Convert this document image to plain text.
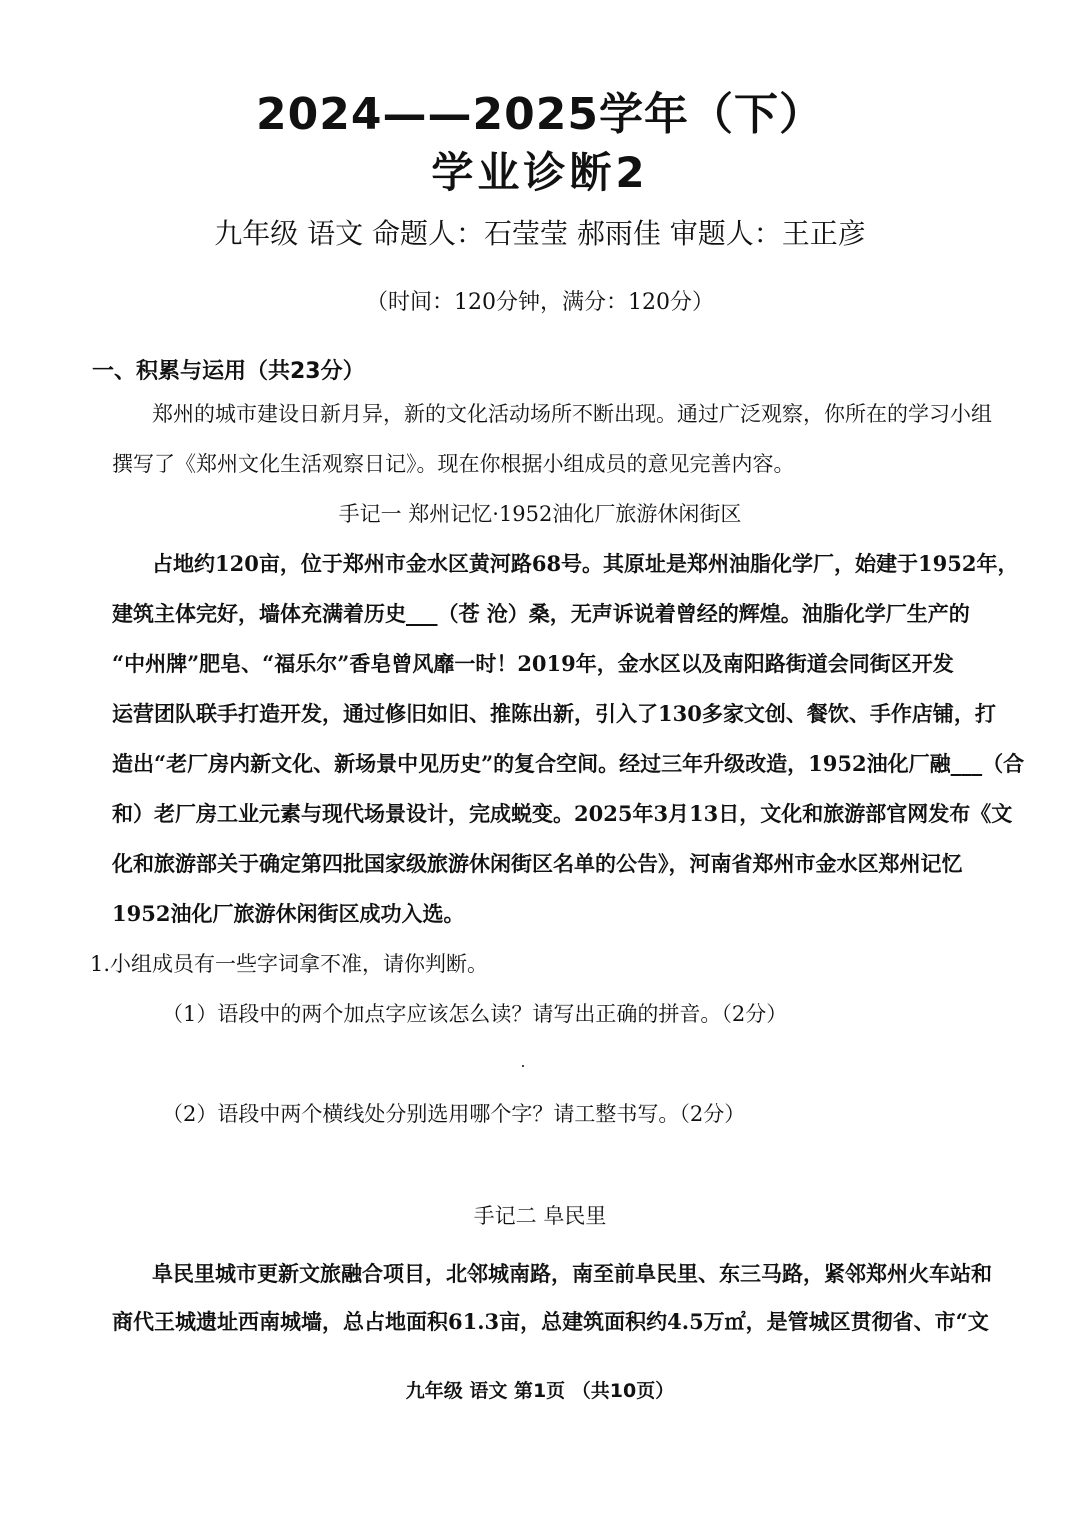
2024——2025学年（下）
学业诊断2
九年级 语文 命题人：石莹莹 郝雨佳 审题人：王正彦
（时间：120分钟，满分：120分）
一、积累与运用（共23分）
郑州的城市建设日新月异，新的文化活动场所不断出现。通过广泛观察，你所在的学习小组
撰写了《郑州文化生活观察日记》。现在你根据小组成员的意见完善内容。
手记一 郑州记忆·1952油化厂旅游休闲街区
占地约120亩，位于郑州市金水区黄河路68号。其原址是郑州油脂化学厂，始建于1952年，
建筑主体完好，墙体充满着历史___（苍 沧）桑，无声诉说着曾经的辉煌。油脂化学厂生产的
“中州牌”肥皂、“福乐尔”香皂曾风靡一时！2019年，金水区以及南阳路街道会同街区开发
运营团队联手打造开发，通过修旧如旧、推陈出新，引入了130多家文创、餐饮、手作店铺，打
造出“老厂房内新文化、新场景中见历史”的复合空间。经过三年升级改造，1952油化厂融___（合
和）老厂房工业元素与现代场景设计，完成蜕变。2025年3月13日，文化和旅游部官网发布《文
化和旅游部关于确定第四批国家级旅游休闲街区名单的公告》，河南省郑州市金水区郑州记忆
1952油化厂旅游休闲街区成功入选。
1.小组成员有一些字词拿不准，请你判断。
（1）语段中的两个加点字应该怎么读？请写出正确的拼音。（2分）
（2）语段中两个横线处分别选用哪个字？请工整书写。（2分）
手记二 阜民里
阜民里城市更新文旅融合项目，北邻城南路，南至前阜民里、东三马路，紧邻郑州火车站和
商代王城遗址西南城墙，总占地面积61.3亩，总建筑面积约4.5万㎡，是管城区贯彻省、市“文
九年级 语文 第1页 （共10页）
